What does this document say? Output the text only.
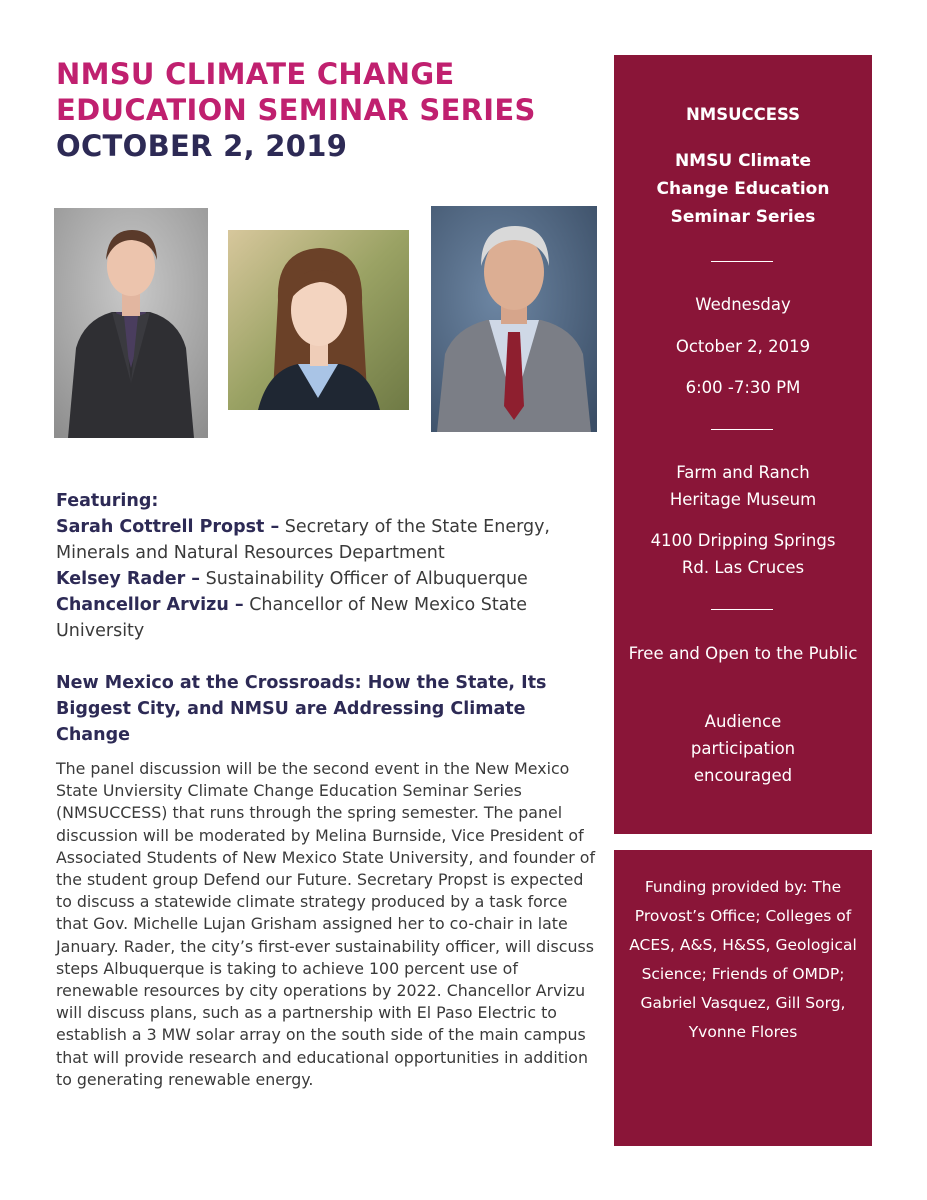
NMSU CLIMATE CHANGE
EDUCATION SEMINAR SERIES
OCTOBER 2, 2019
Featuring:
Sarah Cottrell Propst – Secretary of the State Energy, Minerals and Natural Resources Department
Kelsey Rader – Sustainability Officer of Albuquerque
Chancellor Arvizu – Chancellor of New Mexico State University
New Mexico at the Crossroads: How the State, Its Biggest City, and NMSU are Addressing Climate Change
The panel discussion will be the second event in the New Mexico State Unviersity Climate Change Education Seminar Series (NMSUCCESS) that runs through the spring semester. The panel discussion will be moderated by Melina Burnside, Vice President of Associated Students of New Mexico State University, and founder of the student group Defend our Future. Secretary Propst is expected to discuss a statewide climate strategy produced by a task force that Gov. Michelle Lujan Grisham assigned her to co-chair in late January. Rader, the city’s first-ever sustainability officer, will discuss steps Albuquerque is taking to achieve 100 percent use of renewable resources by city operations by 2022. Chancellor Arvizu will discuss plans, such as a partnership with El Paso Electric to establish a 3 MW solar array on the south side of the main campus that will provide research and educational opportunities in addition to generating renewable energy.
NMSUCCESS
NMSU Climate Change Education Seminar Series
Wednesday
October 2, 2019
6:00 -7:30 PM
Farm and Ranch Heritage Museum
4100 Dripping Springs Rd. Las Cruces
Free and Open to the Public
Audience participation encouraged
Funding provided by: The Provost’s Office; Colleges of ACES, A&S, H&SS, Geological Science; Friends of OMDP; Gabriel Vasquez, Gill Sorg, Yvonne Flores
